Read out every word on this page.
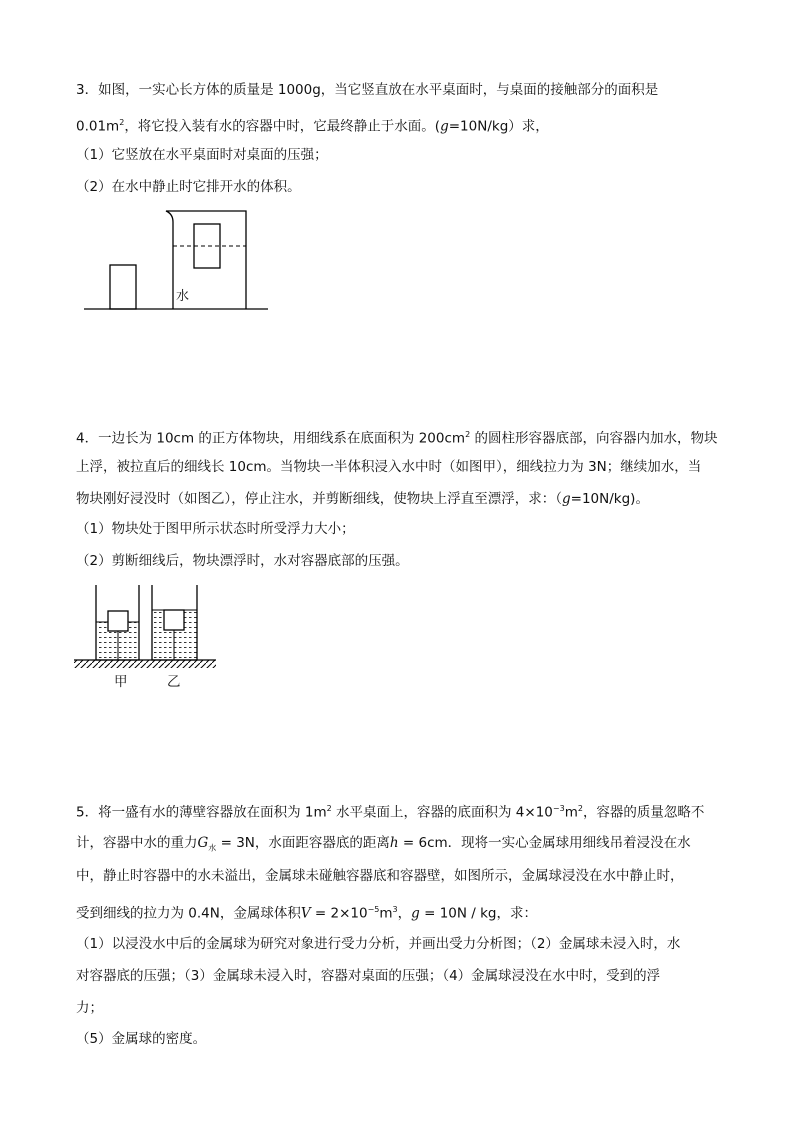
3．如图，一实心长方体的质量是 1000g，当它竖直放在水平桌面时，与桌面的接触部分的面积是
$0.01m^2$，将它投入装有水的容器中时，它最终静止于水面。(g=10N/kg）求，
（1）它竖放在水平桌面时对桌面的压强；
（2）在水中静止时它排开水的体积。
水
4．一边长为 10cm 的正方体物块，用细线系在底面积为 $200cm^2$ 的圆柱形容器底部，向容器内加水，物块
上浮，被拉直后的细线长 10cm。当物块一半体积浸入水中时（如图甲），细线拉力为 3N；继续加水，当
物块刚好浸没时（如图乙），停止注水，并剪断细线，使物块上浮直至漂浮，求：（g=10N/kg)。
（1）物块处于图甲所示状态时所受浮力大小；
（2）剪断细线后，物块漂浮时，水对容器底部的压强。
甲	乙
5．将一盛有水的薄壁容器放在面积为 $1m^2$ 水平桌面上，容器的底面积为 $4\times 10^{-3}m^2$，容器的质量忽略不
计，容器中水的重力$G_水 = 3N$，水面距容器底的距离h = 6cm．现将一实心金属球用细线吊着浸没在水
中，静止时容器中的水未溢出，金属球未碰触容器底和容器壁，如图所示，金属球浸没在水中静止时，
受到细线的拉力为 0.4N，金属球体积$V = 2\times 10^{-5}m^3$，g = 10N / kg，求：
（1）以浸没水中后的金属球为研究对象进行受力分析，并画出受力分析图；（2）金属球未浸入时，水
对容器底的压强；（3）金属球未浸入时，容器对桌面的压强；（4）金属球浸没在水中时，受到的浮
力；
（5）金属球的密度。
